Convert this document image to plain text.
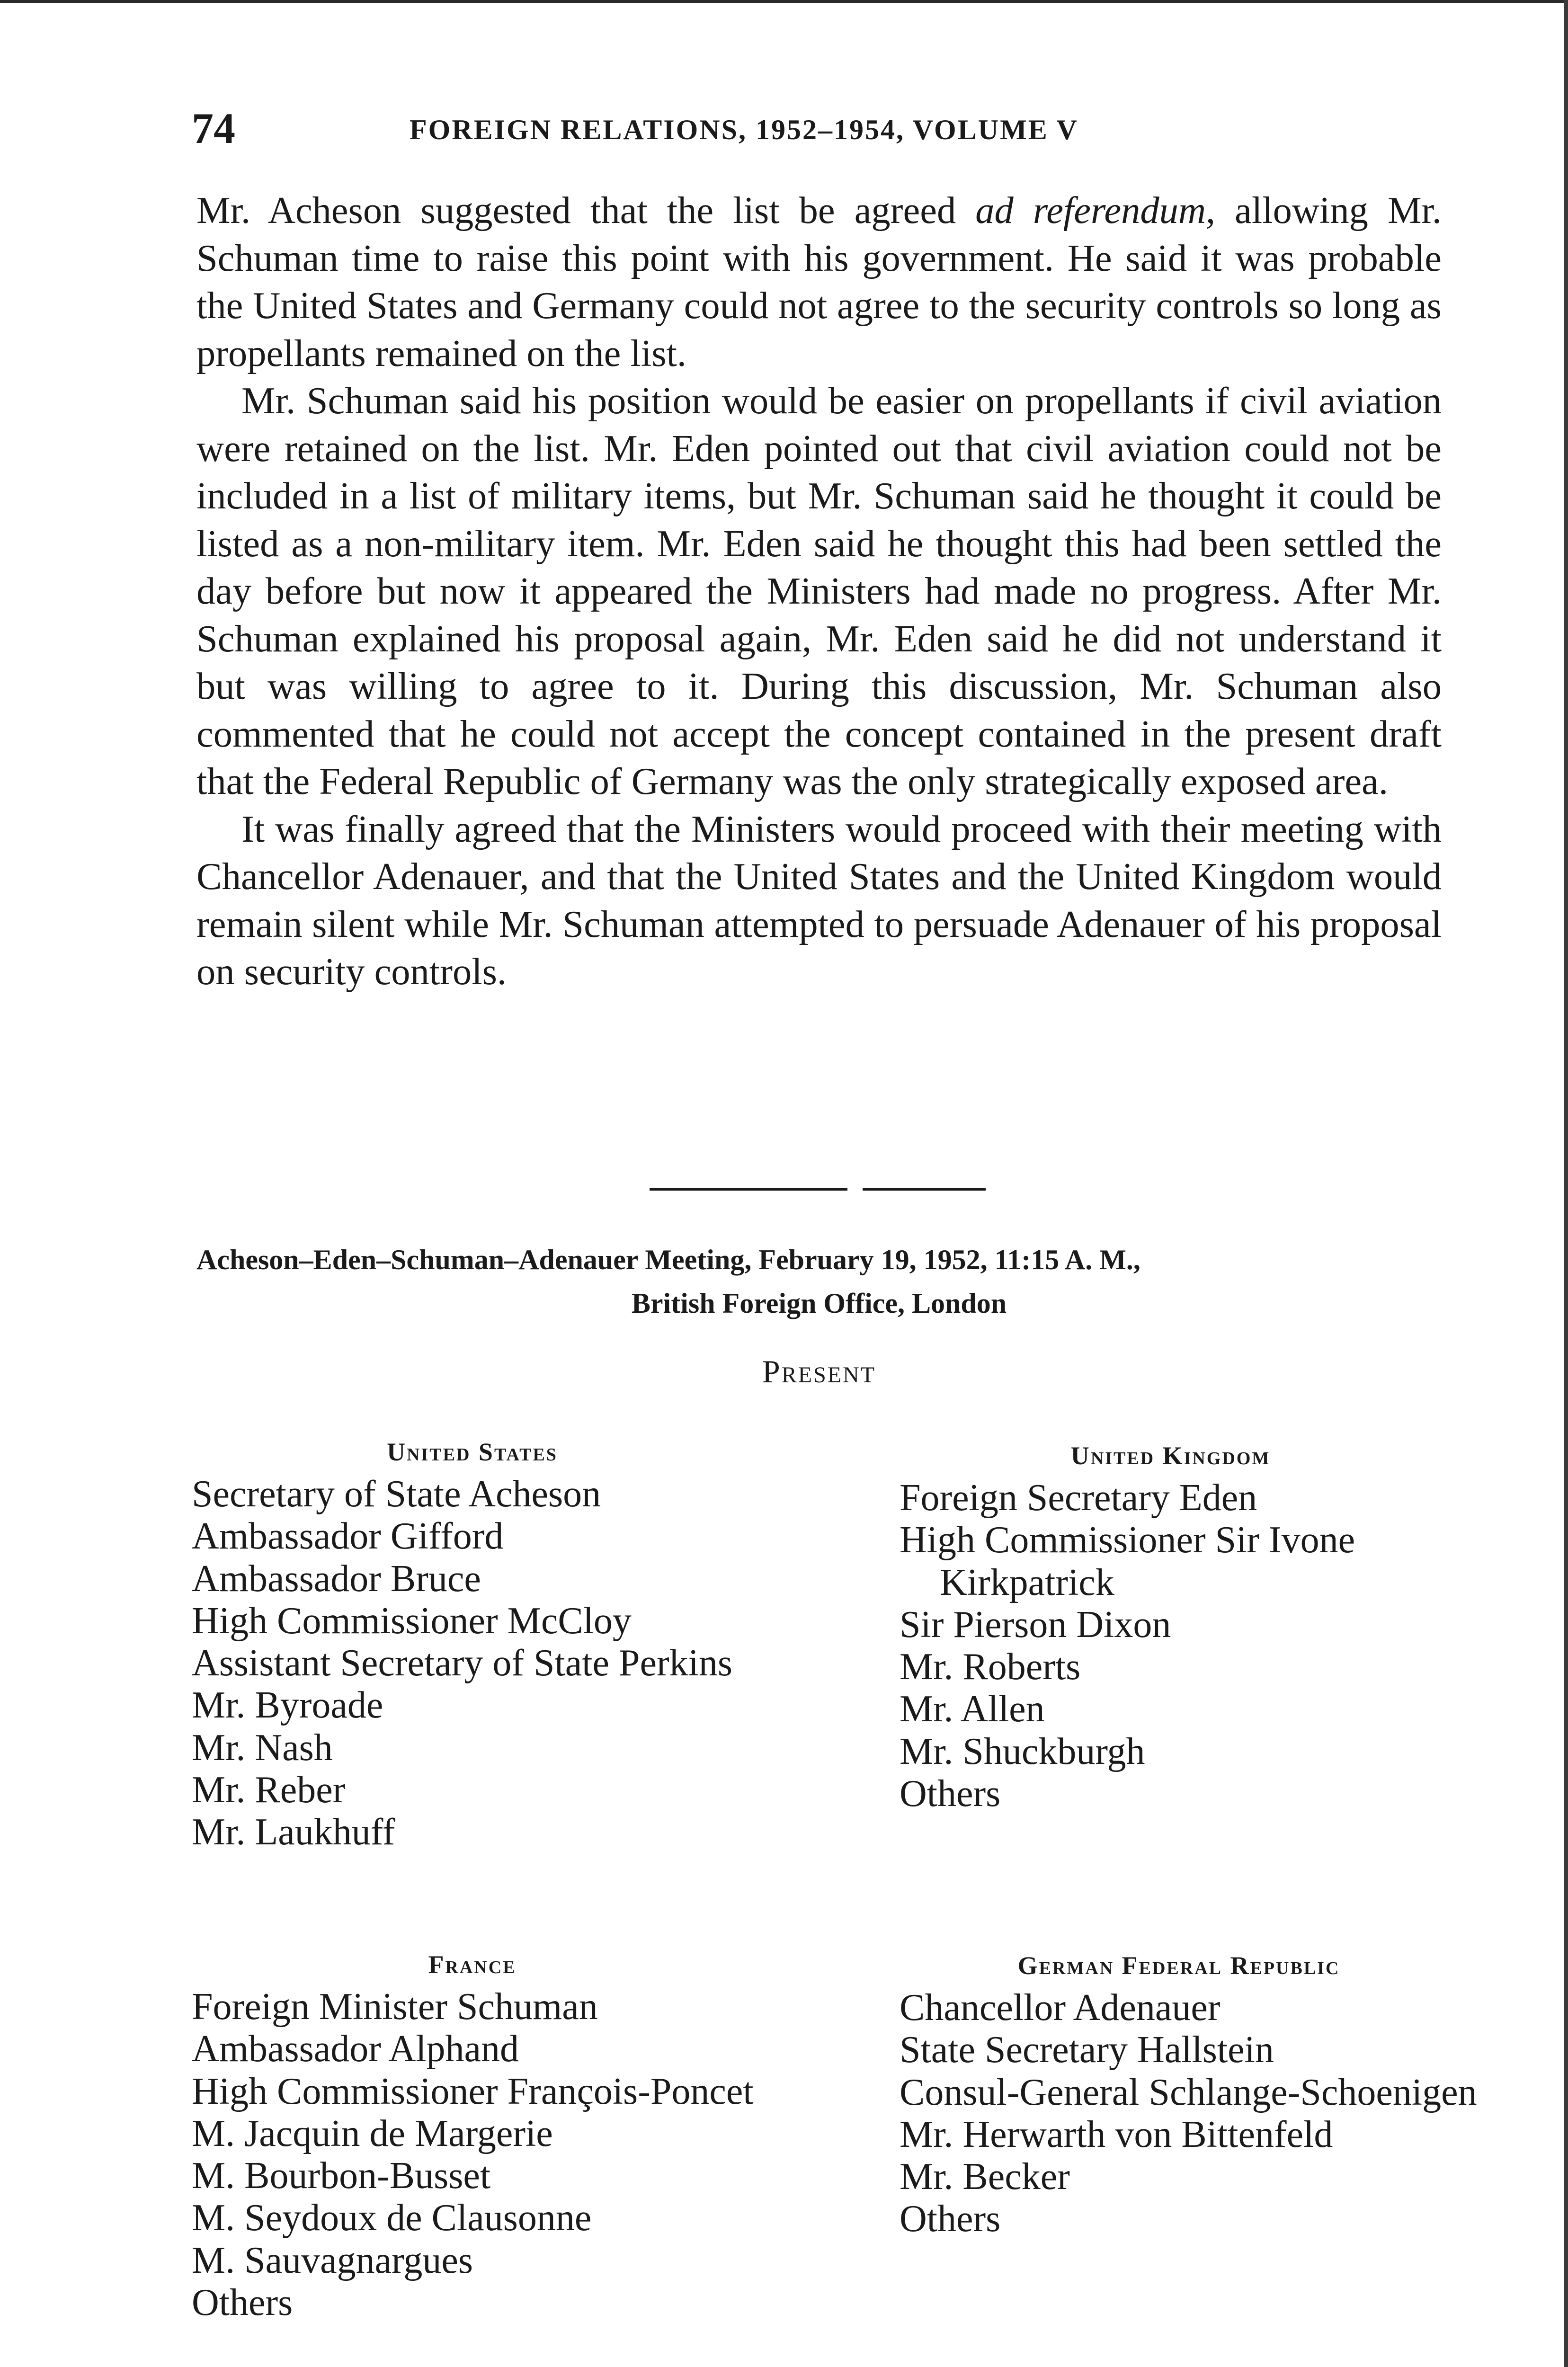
74	FOREIGN RELATIONS, 1952–1954, VOLUME V

Mr. Acheson suggested that the list be agreed ad referendum, allowing Mr. Schuman time to raise this point with his government. He said it was probable the United States and Germany could not agree to the security controls so long as propellants remained on the list.

Mr. Schuman said his position would be easier on propellants if civil aviation were retained on the list. Mr. Eden pointed out that civil aviation could not be included in a list of military items, but Mr. Schuman said he thought it could be listed as a non-military item. Mr. Eden said he thought this had been settled the day before but now it appeared the Ministers had made no progress. After Mr. Schuman explained his proposal again, Mr. Eden said he did not understand it but was willing to agree to it. During this discussion, Mr. Schuman also commented that he could not accept the concept contained in the present draft that the Federal Republic of Germany was the only strategically exposed area.

It was finally agreed that the Ministers would proceed with their meeting with Chancellor Adenauer, and that the United States and the United Kingdom would remain silent while Mr. Schuman attempted to persuade Adenauer of his proposal on security controls.

Acheson–Eden–Schuman–Adenauer Meeting, February 19, 1952, 11:15 A. M.,
British Foreign Office, London
Present
United States
Secretary of State Acheson
Ambassador Gifford
Ambassador Bruce
High Commissioner McCloy
Assistant Secretary of State Perkins
Mr. Byroade
Mr. Nash
Mr. Reber
Mr. Laukhuff
United Kingdom
Foreign Secretary Eden
High Commissioner Sir Ivone Kirkpatrick
Sir Pierson Dixon
Mr. Roberts
Mr. Allen
Mr. Shuckburgh
Others
France
Foreign Minister Schuman
Ambassador Alphand
High Commissioner François-Poncet
M. Jacquin de Margerie
M. Bourbon-Busset
M. Seydoux de Clausonne
M. Sauvagnargues
Others
German Federal Republic
Chancellor Adenauer
State Secretary Hallstein
Consul-General Schlange-Schoenigen
Mr. Herwarth von Bittenfeld
Mr. Becker
Others
